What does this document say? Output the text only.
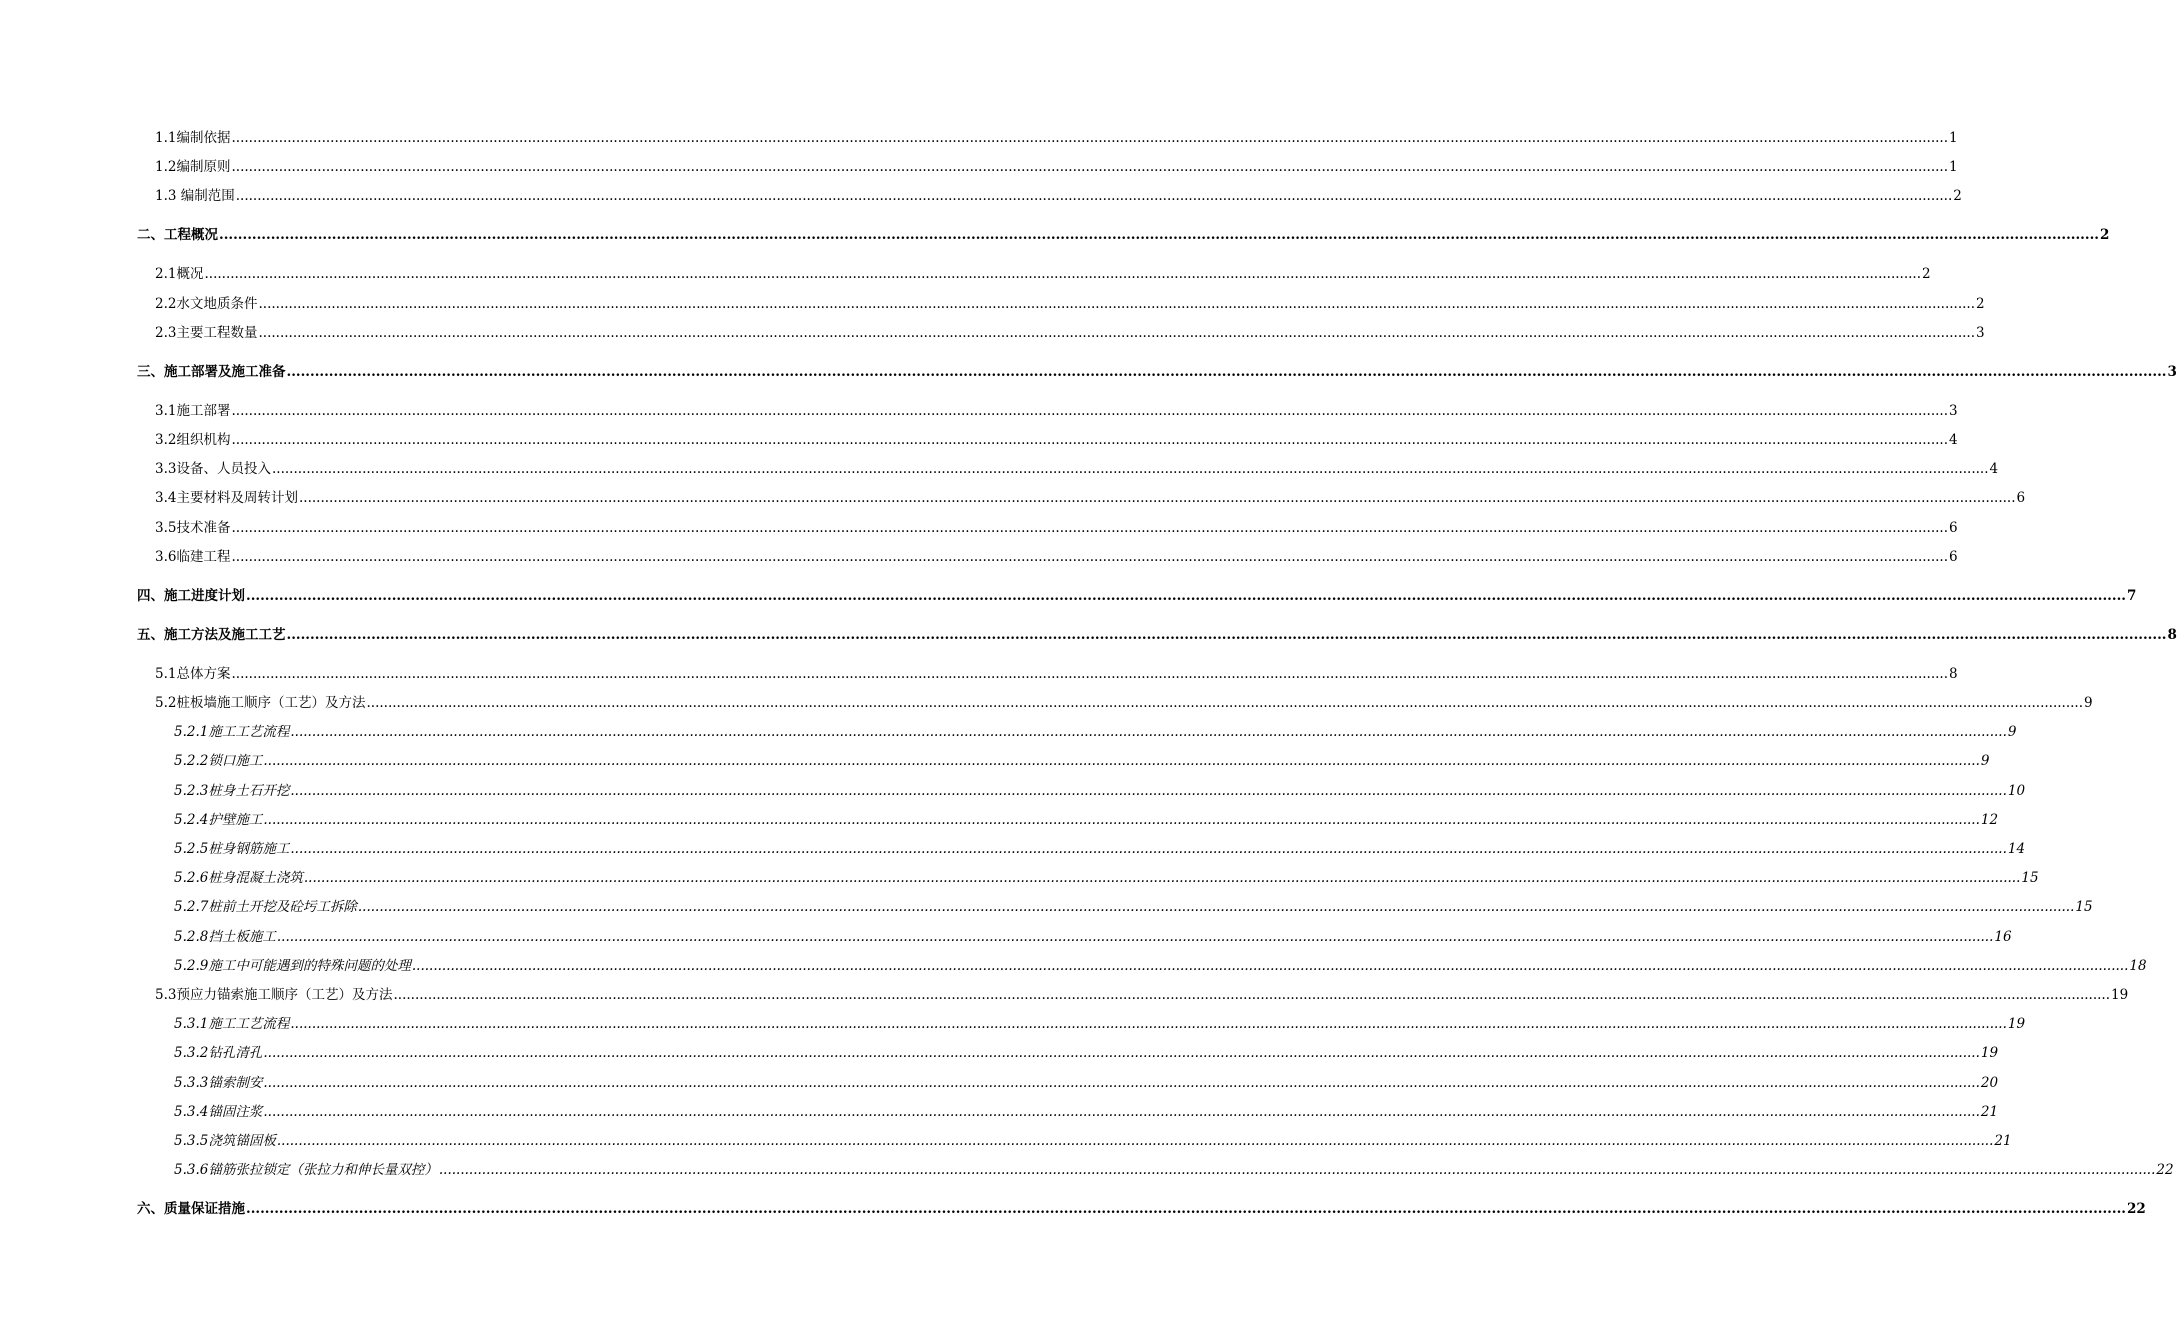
1.1编制依据 ................................................................................................................................................................................................................................................................................................................................................................................................................ 1
1.2编制原则 ................................................................................................................................................................................................................................................................................................................................................................................................................ 1
1.3 编制范围 ................................................................................................................................................................................................................................................................................................................................................................................................................ 2
二、工程概况 ................................................................................................................................................................................................................................................................................................................................................................................................................ 2
2.1概况 ................................................................................................................................................................................................................................................................................................................................................................................................................ 2
2.2水文地质条件 ................................................................................................................................................................................................................................................................................................................................................................................................................ 2
2.3主要工程数量 ................................................................................................................................................................................................................................................................................................................................................................................................................ 3
三、施工部署及施工准备 ................................................................................................................................................................................................................................................................................................................................................................................................................ 3
3.1施工部署 ................................................................................................................................................................................................................................................................................................................................................................................................................ 3
3.2组织机构 ................................................................................................................................................................................................................................................................................................................................................................................................................ 4
3.3设备、人员投入 ................................................................................................................................................................................................................................................................................................................................................................................................................ 4
3.4主要材料及周转计划 ................................................................................................................................................................................................................................................................................................................................................................................................................ 6
3.5技术准备 ................................................................................................................................................................................................................................................................................................................................................................................................................ 6
3.6临建工程 ................................................................................................................................................................................................................................................................................................................................................................................................................ 6
四、施工进度计划 ................................................................................................................................................................................................................................................................................................................................................................................................................ 7
五、施工方法及施工工艺 ................................................................................................................................................................................................................................................................................................................................................................................................................ 8
5.1总体方案 ................................................................................................................................................................................................................................................................................................................................................................................................................ 8
5.2桩板墙施工顺序（工艺）及方法 ................................................................................................................................................................................................................................................................................................................................................................................................................ 9
5.2.1施工工艺流程 ................................................................................................................................................................................................................................................................................................................................................................................................................ 9
5.2.2锁口施工 ................................................................................................................................................................................................................................................................................................................................................................................................................ 9
5.2.3桩身土石开挖 ................................................................................................................................................................................................................................................................................................................................................................................................................ 10
5.2.4护壁施工 ................................................................................................................................................................................................................................................................................................................................................................................................................ 12
5.2.5桩身钢筋施工 ................................................................................................................................................................................................................................................................................................................................................................................................................ 14
5.2.6桩身混凝土浇筑 ................................................................................................................................................................................................................................................................................................................................................................................................................ 15
5.2.7桩前土开挖及砼圬工拆除 ................................................................................................................................................................................................................................................................................................................................................................................................................ 15
5.2.8挡土板施工 ................................................................................................................................................................................................................................................................................................................................................................................................................ 16
5.2.9施工中可能遇到的特殊问题的处理 ................................................................................................................................................................................................................................................................................................................................................................................................................ 18
5.3预应力锚索施工顺序（工艺）及方法 ................................................................................................................................................................................................................................................................................................................................................................................................................ 19
5.3.1施工工艺流程 ................................................................................................................................................................................................................................................................................................................................................................................................................ 19
5.3.2钻孔清孔 ................................................................................................................................................................................................................................................................................................................................................................................................................ 19
5.3.3锚索制安 ................................................................................................................................................................................................................................................................................................................................................................................................................ 20
5.3.4锚固注浆 ................................................................................................................................................................................................................................................................................................................................................................................................................ 21
5.3.5浇筑锚固板 ................................................................................................................................................................................................................................................................................................................................................................................................................ 21
5.3.6锚筋张拉锁定（张拉力和伸长量双控） ................................................................................................................................................................................................................................................................................................................................................................................................................ 22
六、质量保证措施 ................................................................................................................................................................................................................................................................................................................................................................................................................ 22
